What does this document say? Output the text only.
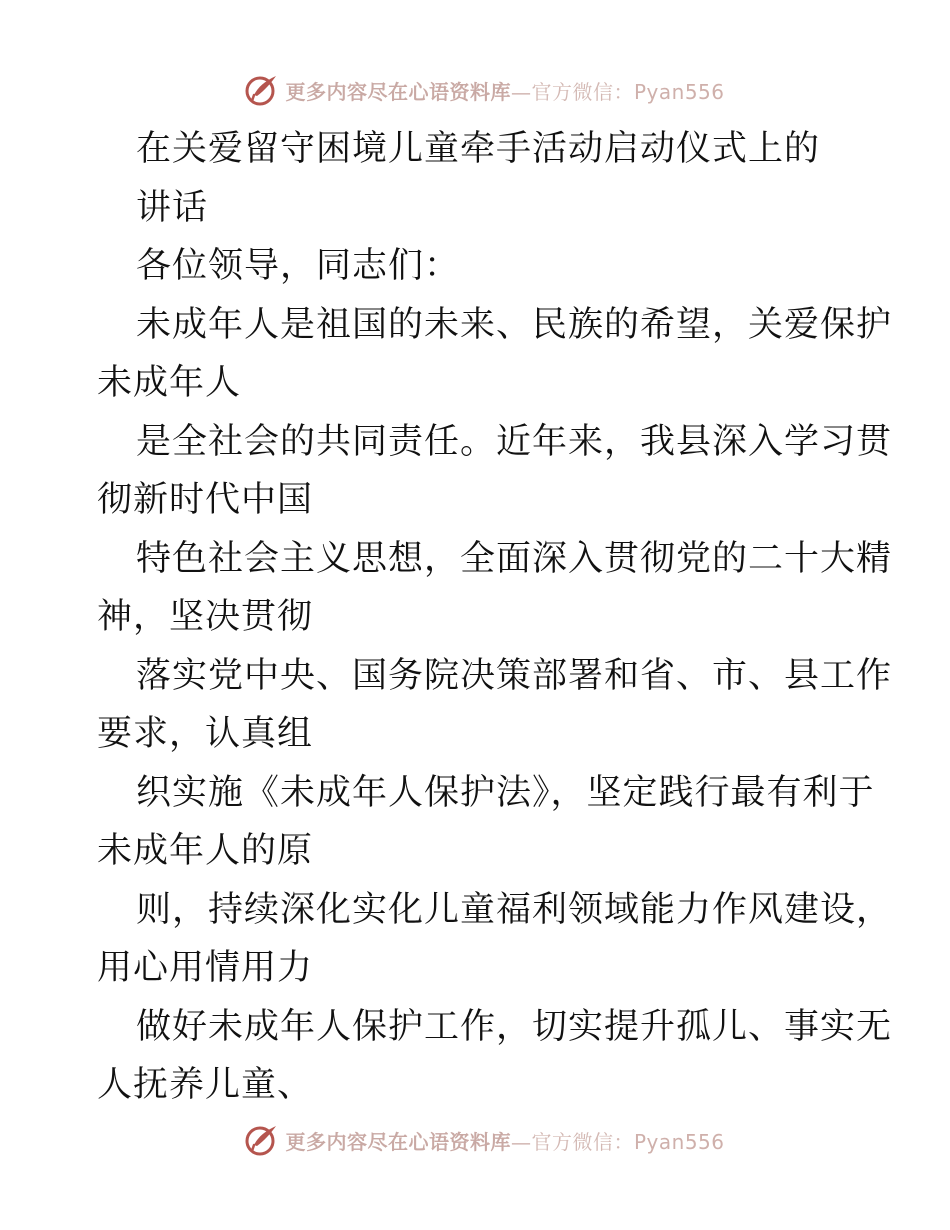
更多内容尽在心语资料库—官方微信：Pyan556

在关爱留守困境儿童牵手活动启动仪式上的

讲话

各位领导，同志们：

未成年人是祖国的未来、民族的希望，关爱保护

未成年人

是全社会的共同责任。近年来，我县深入学习贯

彻新时代中国

特色社会主义思想，全面深入贯彻党的二十大精

神，坚决贯彻

落实党中央、国务院决策部署和省、市、县工作

要求，认真组

织实施《未成年人保护法》，坚定践行最有利于

未成年人的原

则，持续深化实化儿童福利领域能力作风建设，

用心用情用力

做好未成年人保护工作，切实提升孤儿、事实无

人抚养儿童、

更多内容尽在心语资料库—官方微信：Pyan556
